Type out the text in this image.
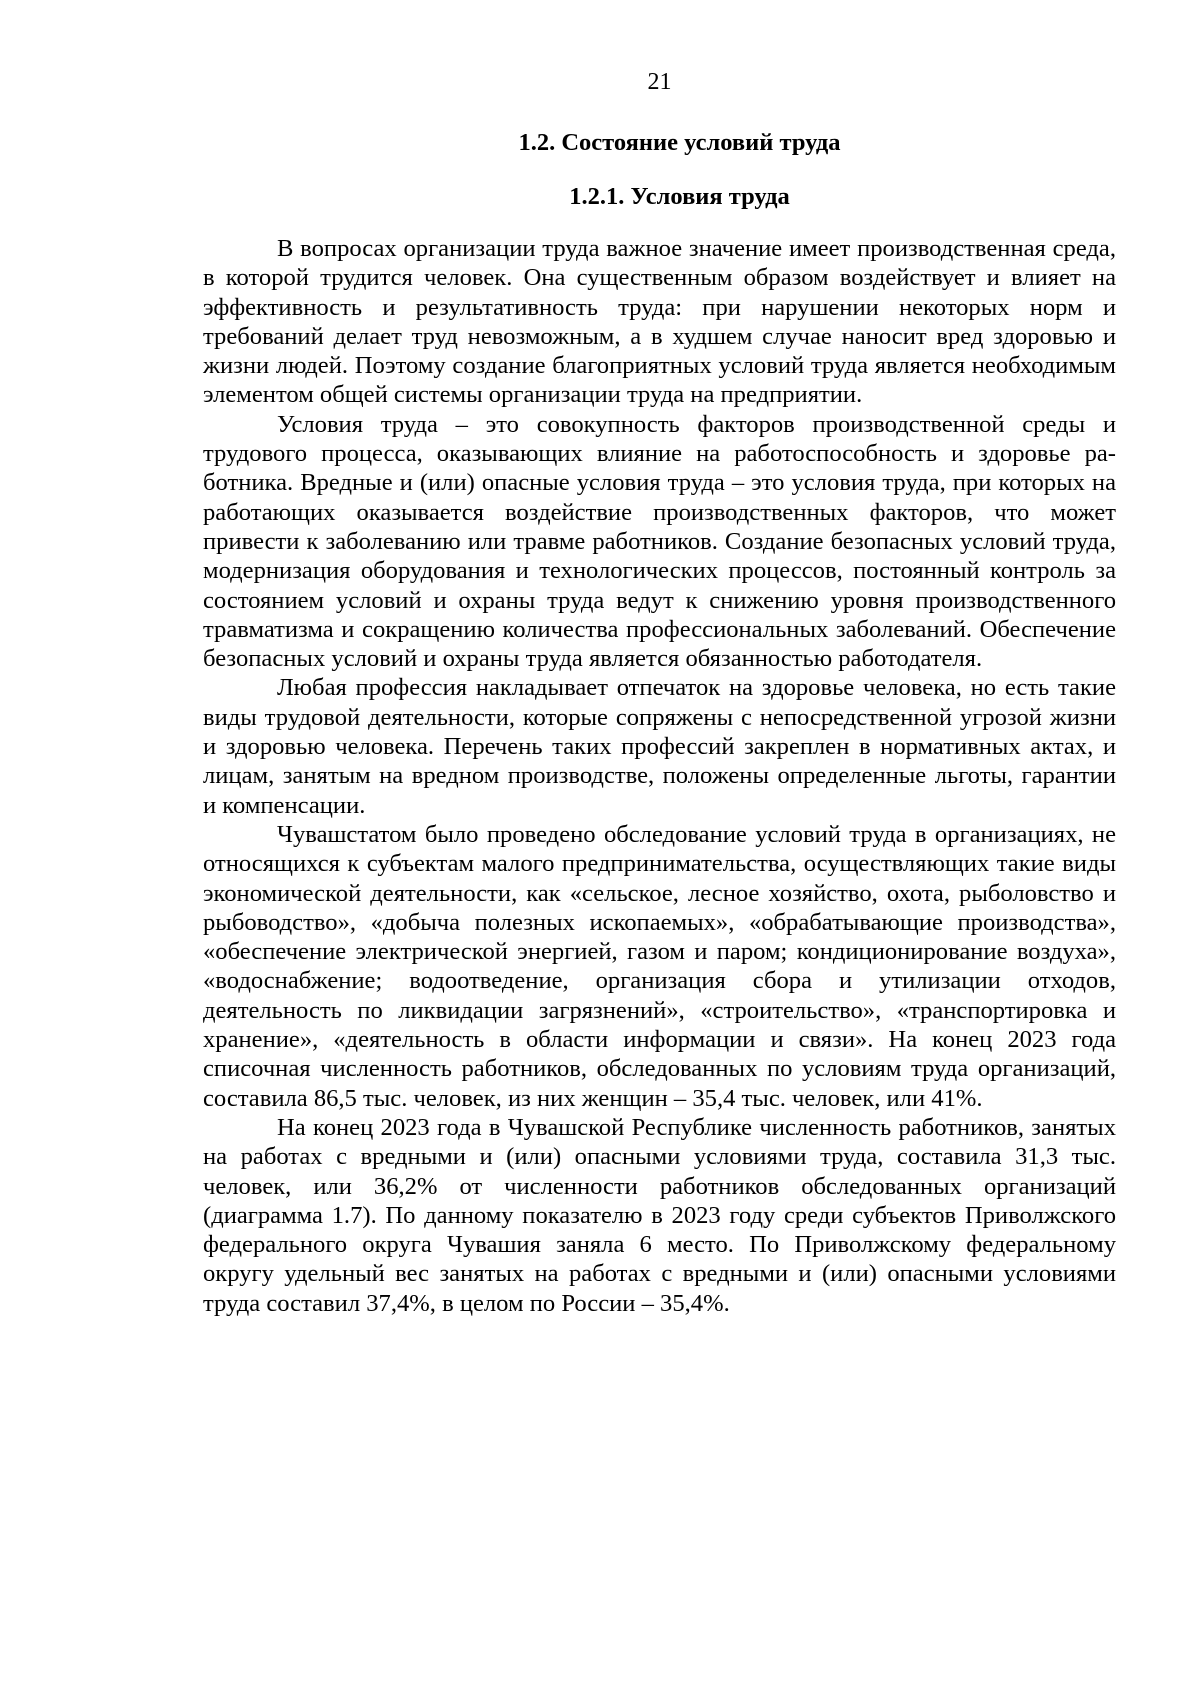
21
1.2. Состояние условий труда
1.2.1. Условия труда

В вопросах организации труда важное значение имеет производственная среда, в которой трудится человек. Она существенным образом воздействует и влияет на эффективность и результативность труда: при нарушении некоторых норм и требований делает труд невозможным, а в худшем случае наносит вред здоровью и жизни людей. Поэтому создание благоприятных условий труда является необходимым элементом общей системы организации труда на предприятии.

Условия труда – это совокупность факторов производственной среды и трудового процесса, оказывающих влияние на работоспособность и здоровье работника. Вредные и (или) опасные условия труда – это условия труда, при которых на работающих оказывается воздействие производственных факторов, что может привести к заболеванию или травме работников. Создание безопасных условий труда, модернизация оборудования и технологических процессов, постоянный контроль за состоянием условий и охраны труда ведут к снижению уровня производственного травматизма и сокращению количества профессиональных заболеваний. Обеспечение безопасных условий и охраны труда является обязанностью работодателя.

Любая профессия накладывает отпечаток на здоровье человека, но есть такие виды трудовой деятельности, которые сопряжены с непосредственной угрозой жизни и здоровью человека. Перечень таких профессий закреплен в нормативных актах, и лицам, занятым на вредном производстве, положены определенные льготы, гарантии и компенсации.

Чувашстатом было проведено обследование условий труда в организациях, не относящихся к субъектам малого предпринимательства, осуществляющих такие виды экономической деятельности, как «сельское, лесное хозяйство, охота, рыболовство и рыбоводство», «добыча полезных ископаемых», «обрабатывающие производства», «обеспечение электрической энергией, газом и паром; кондиционирование воздуха», «водоснабжение; водоотведение, организация сбора и утилизации отходов, деятельность по ликвидации загрязнений», «строительство», «транспортировка и хранение», «деятельность в области информации и связи». На конец 2023 года списочная численность работников, обследованных по условиям труда организаций, составила 86,5 тыс. человек, из них женщин – 35,4 тыс. человек, или 41%.

На конец 2023 года в Чувашской Республике численность работников, занятых на работах с вредными и (или) опасными условиями труда, составила 31,3 тыс. человек, или 36,2% от численности работников обследованных организаций (диаграмма 1.7). По данному показателю в 2023 году среди субъектов Приволжского федерального округа Чувашия заняла 6 место. По Приволжскому федеральному округу удельный вес занятых на работах с вредными и (или) опасными условиями труда составил 37,4%, в целом по России – 35,4%.
